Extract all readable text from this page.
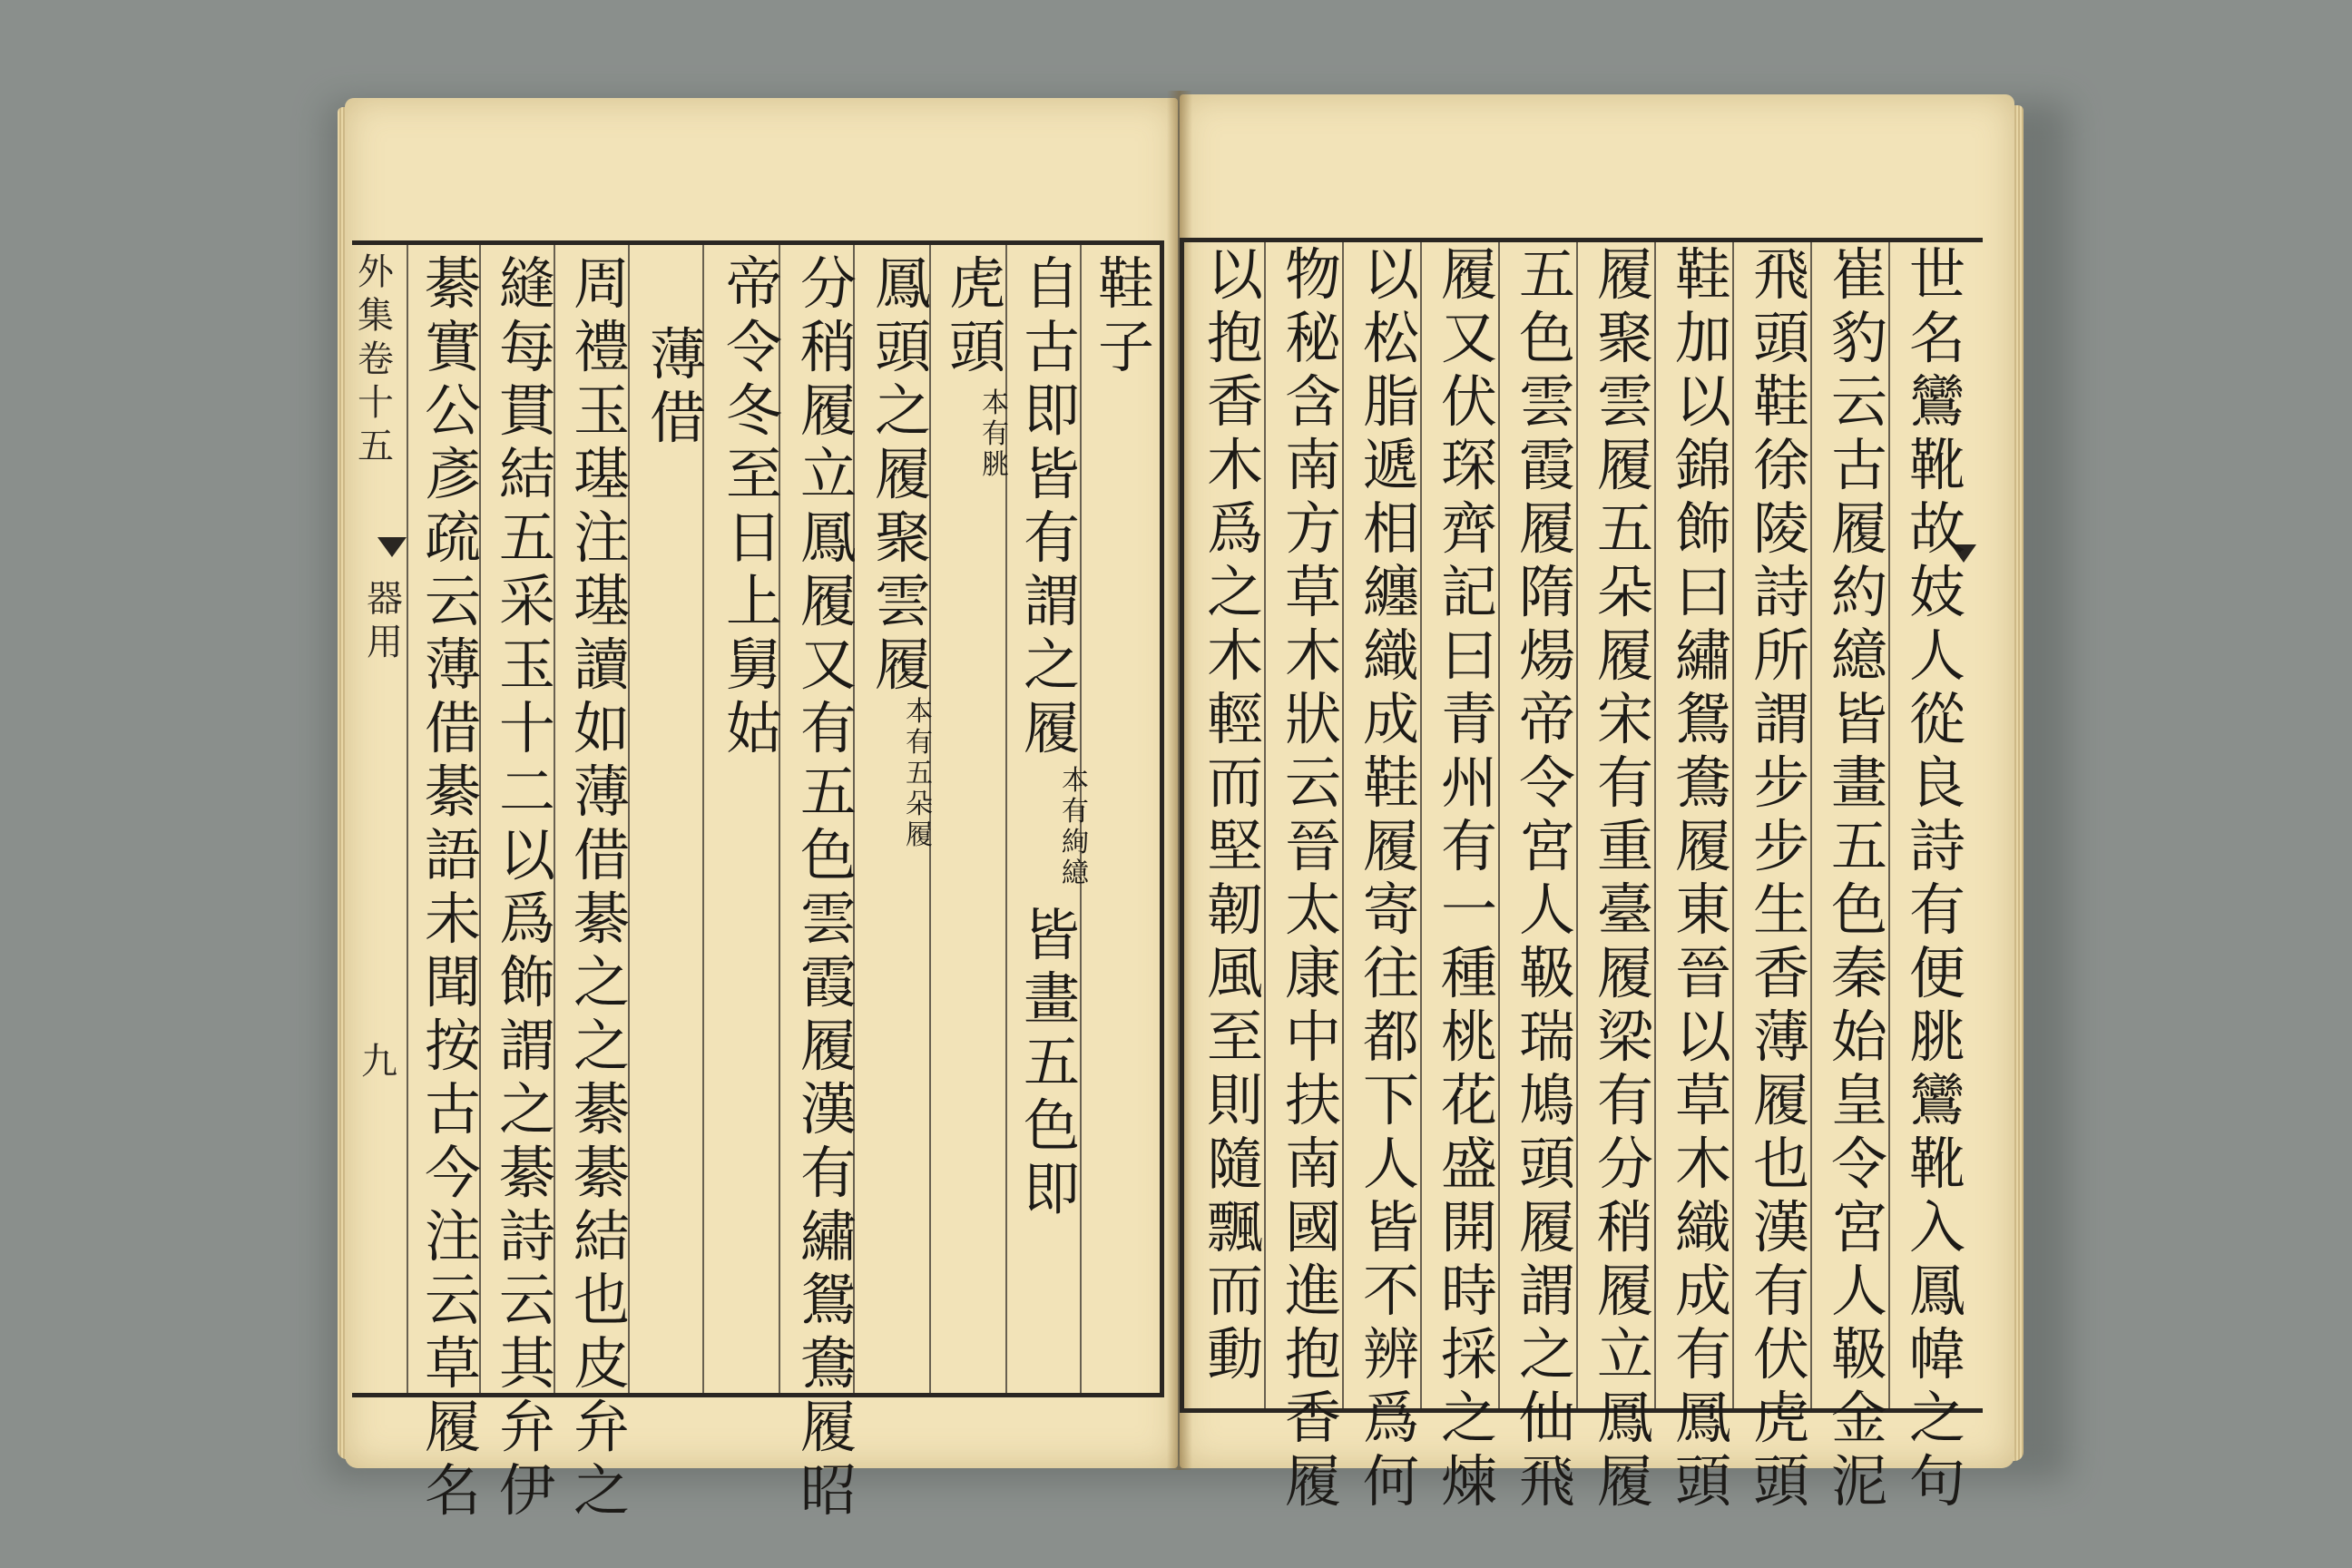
外
集
卷
十
五
器
用
九
鞋
子
自
古
即
皆
有
謂
之
履
本
有
絢
繶
皆
畫
五
色
即
虎
頭
本
有
脁
鳳
頭
之
履
聚
雲
履
本
有
五
朵
履
分
稍
履
立
鳳
履
又
有
五
色
雲
霞
履
漢
有
繡
鴛
鴦
履
昭
帝
令
冬
至
日
上
舅
姑
薄
借
周
禮
玉
璂
注
璂
讀
如
薄
借
綦
之
之
綦
綦
結
也
皮
弁
之
縫
每
貫
結
五
采
玉
十
二
以
爲
飾
謂
之
綦
詩
云
其
弁
伊
綦
實
公
彥
疏
云
薄
借
綦
語
未
聞
按
古
今
注
云
草
履
名
世
名
鸞
靴
故
妓
人
從
良
詩
有
便
脁
鸞
靴
入
鳳
幃
之
句
崔
豹
云
古
履
約
繶
皆
畫
五
色
秦
始
皇
令
宮
人
靸
金
泥
飛
頭
鞋
徐
陵
詩
所
謂
步
步
生
香
薄
履
也
漢
有
伏
虎
頭
鞋
加
以
錦
飾
曰
繡
鴛
鴦
履
東
晉
以
草
木
織
成
有
鳳
頭
履
聚
雲
履
五
朵
履
宋
有
重
臺
履
梁
有
分
稍
履
立
鳳
履
五
色
雲
霞
履
隋
煬
帝
令
宮
人
靸
瑞
鳩
頭
履
謂
之
仙
飛
履
又
伏
琛
齊
記
曰
青
州
有
一
種
桃
花
盛
開
時
採
之
煉
以
松
脂
遞
相
纏
織
成
鞋
履
寄
往
都
下
人
皆
不
辨
爲
何
物
秘
含
南
方
草
木
狀
云
晉
太
康
中
扶
南
國
進
抱
香
履
以
抱
香
木
爲
之
木
輕
而
堅
韌
風
至
則
隨
飄
而
動
